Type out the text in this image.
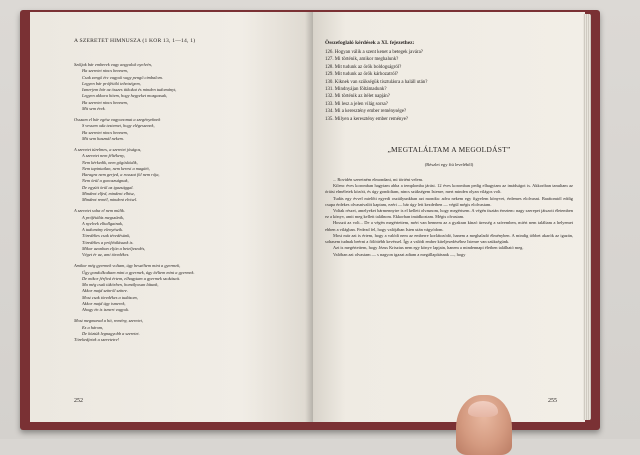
A SZERETET HIMNUSZA (1 KOR 13, 1—14, 1)
Szóljak bár emberek vagy angyalok nyelvén,
Ha szeretet nincs bennem,
Csak zengő érc vagyok vagy pengő cimbalom.
Legyen bár prófétáló tehetségem,
Ismerjem bár az összes titkokat és minden tudományt,
Legyen akkora hitem, hogy hegyeket mozgassak,
Ha szeretet nincs bennem,
Mit sem érek.
Osszam el bár egész vagyonomat a szegényeknek
S vessem oda testemet, hogy elégessenek,
Ha szeretet nincs bennem,
Mit sem használ nekem.
A szeretet türelmes, a szeretet jóságos,
A szeretet nem féltékeny,
Nem kérkedik, nem gőgösködik,
Nem tapintatlan, nem keresi a magáét,
Haragra nem gerjed, a rosszat föl nem rója,
Nem örül a gonoszságnak,
De együtt örül az igazsággal.
Mindent elfed, mindent elhisz,
Mindent remél, mindent elvisel.
A szeretet soha el nem múlik.
A prófétálás megszűnik,
A nyelvek elhallgatnak,
A tudomány elenyészik.
Töredékes csak tévedésünk,
Töredékes a prófétálásunk is.
Mikor azonban eljön a beteljesedés,
Véget ér az, ami töredékes.
Amikor még gyermek voltam, úgy beszéltem mint a gyermek,
Úgy gondolkodtam mint a gyermek, úgy ítéltem mint a gyermek.
De mikor férfivá értem, elhagytam a gyermek szokásait.
Ma még csak tükörben, homályosan látunk,
Akkor majd színről színre.
Most csak töredékes a tudásom,
Akkor majd úgy ismerek,
Ahogy én is ismert vagyok.
Most megmarad a hit, remény, szeretet,
Ez a három,
De köztük legnagyobb a szeretet.
Törekedjetek a szeretetre!
252
Összefoglaló kérdések a XI. fejezethez:
126. Hogyan válik a szent kenet a betegek javára?
127. Mi történik, amikor meghalunk?
128. Mit tudunk az örök boldogságról?
129. Mit tudunk az örök kárhozatról?
130. Kiknek van szükségük tisztulásra a haláll után?
131. Mindnyájan föltámadunk?
132. Mi történik az ítélet napján?
133. Mi lesz a jelen világ sorsa?
134. Mi a keresztény ember reménysége?
135. Milyen a keresztény ember reménye?
„MEGTALÁLTAM A MEGOLDÁST”
(Részlet egy fiú leveléből)

... Rovidén szeretném elmondani, mi történt velem.

Kilenc éves koromban hagytam abba a templomba járást. 12 éves koromban pedig elhagytam az imádságot is. Akkoriban tanultam az óriási elméletek között, és úgy gondoltam, nincs szükségem Istenre, mert minden olyan világos volt.

Tudás egy évvel mielőtt egyedi osztályunkban azt mondta: adva nekem egy figyelem könyvet, érdemes elolvasni. Barátomtól eddig csupa érdekes olvasnivalót kaptam, ezért — bár úgy lett kezdetben — végül mégis elolvastam.

Voltak részei, amelyeket bármennyire is el kellett olvasnom, hogy megértsem. A végén tisztán éreztem: nagy szerepet játszott életemben ez a könyv, amit meg kellett találnom. Ekkorban imádkoztam. Mégis olvastam.

Hosszú az volt... De a végén megértettem, mért van bennem az a gyakran kínzó üresség a szívemben, miért nem találtam a helyemet ebben a világban. Fedezd fel, hogy valójában Isten után vágyódom.

Most már azt is értem, hogy a valódi nem az emberre korlátozódó, hanem a meghaladó élményben. A mindig többet akarók az igazán, sohasem tudnak beérni a fölöttébb kevéssel. Így a valódi ember kiteljesedéséhez Istenre van szükségünk.

Azt is megértettem, hogy Jézus Krisztus nem egy könyv lapjain, hanem a mindennapi életben található meg.

Valóban azt olvastam — s nagyon igazat adtam a megállapításnak —, hogy

255
